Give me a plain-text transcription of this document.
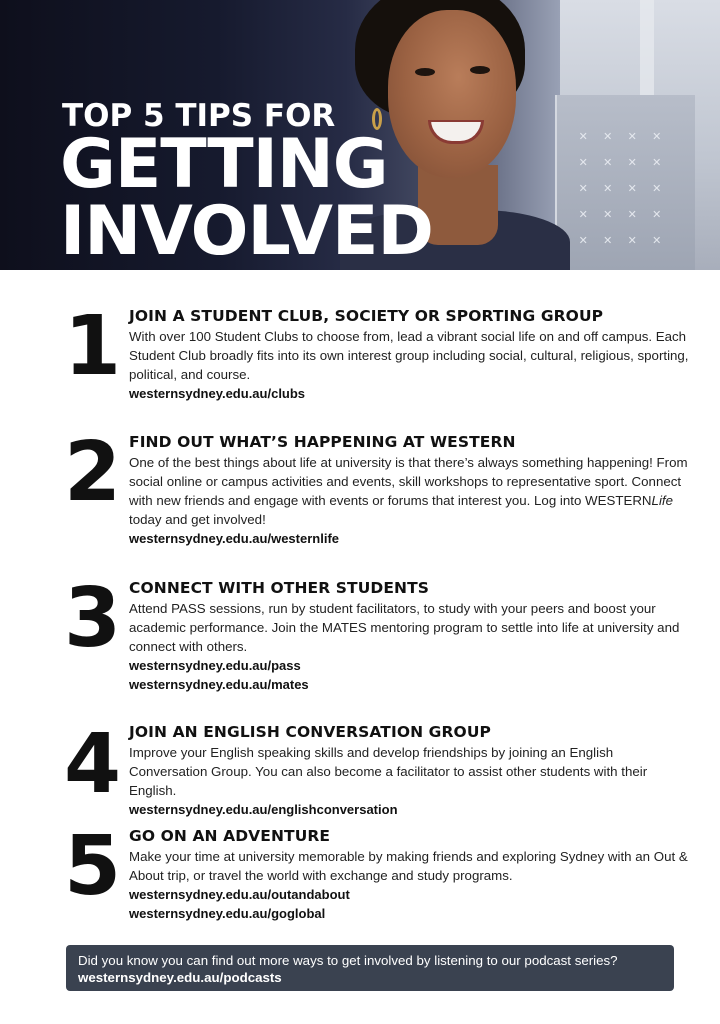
✕	✕	✕	✕
✕	✕	✕	✕
✕	✕	✕	✕
✕	✕	✕	✕
✕	✕	✕	✕
TOP 5 TIPS FOR
GETTING
INVOLVED
1 JOIN A STUDENT CLUB, SOCIETY OR SPORTING GROUP

With over 100 Student Clubs to choose from, lead a vibrant social life on and off campus. Each Student Club broadly fits into its own interest group including social, cultural, religious, sporting, political, and course.

westernsydney.edu.au/clubs
2 FIND OUT WHAT’S HAPPENING AT WESTERN

One of the best things about life at university is that there’s always something happening! From social online or campus activities and events, skill workshops to representative sport. Connect with new friends and engage with events or forums that interest you. Log into WESTERNLife today and get involved!

westernsydney.edu.au/westernlife
3 CONNECT WITH OTHER STUDENTS

Attend PASS sessions, run by student facilitators, to study with your peers and boost your academic performance. Join the MATES mentoring program to settle into life at university and connect with others.

westernsydney.edu.au/pass
westernsydney.edu.au/mates
4 JOIN AN ENGLISH CONVERSATION GROUP

Improve your English speaking skills and develop friendships by joining an English Conversation Group. You can also become a facilitator to assist other students with their English.

westernsydney.edu.au/englishconversation
5 GO ON AN ADVENTURE

Make your time at university memorable by making friends and exploring Sydney with an Out & About trip, or travel the world with exchange and study programs.

westernsydney.edu.au/outandabout
westernsydney.edu.au/goglobal
Did you know you can find out more ways to get involved by listening to our podcast series? westernsydney.edu.au/podcasts
